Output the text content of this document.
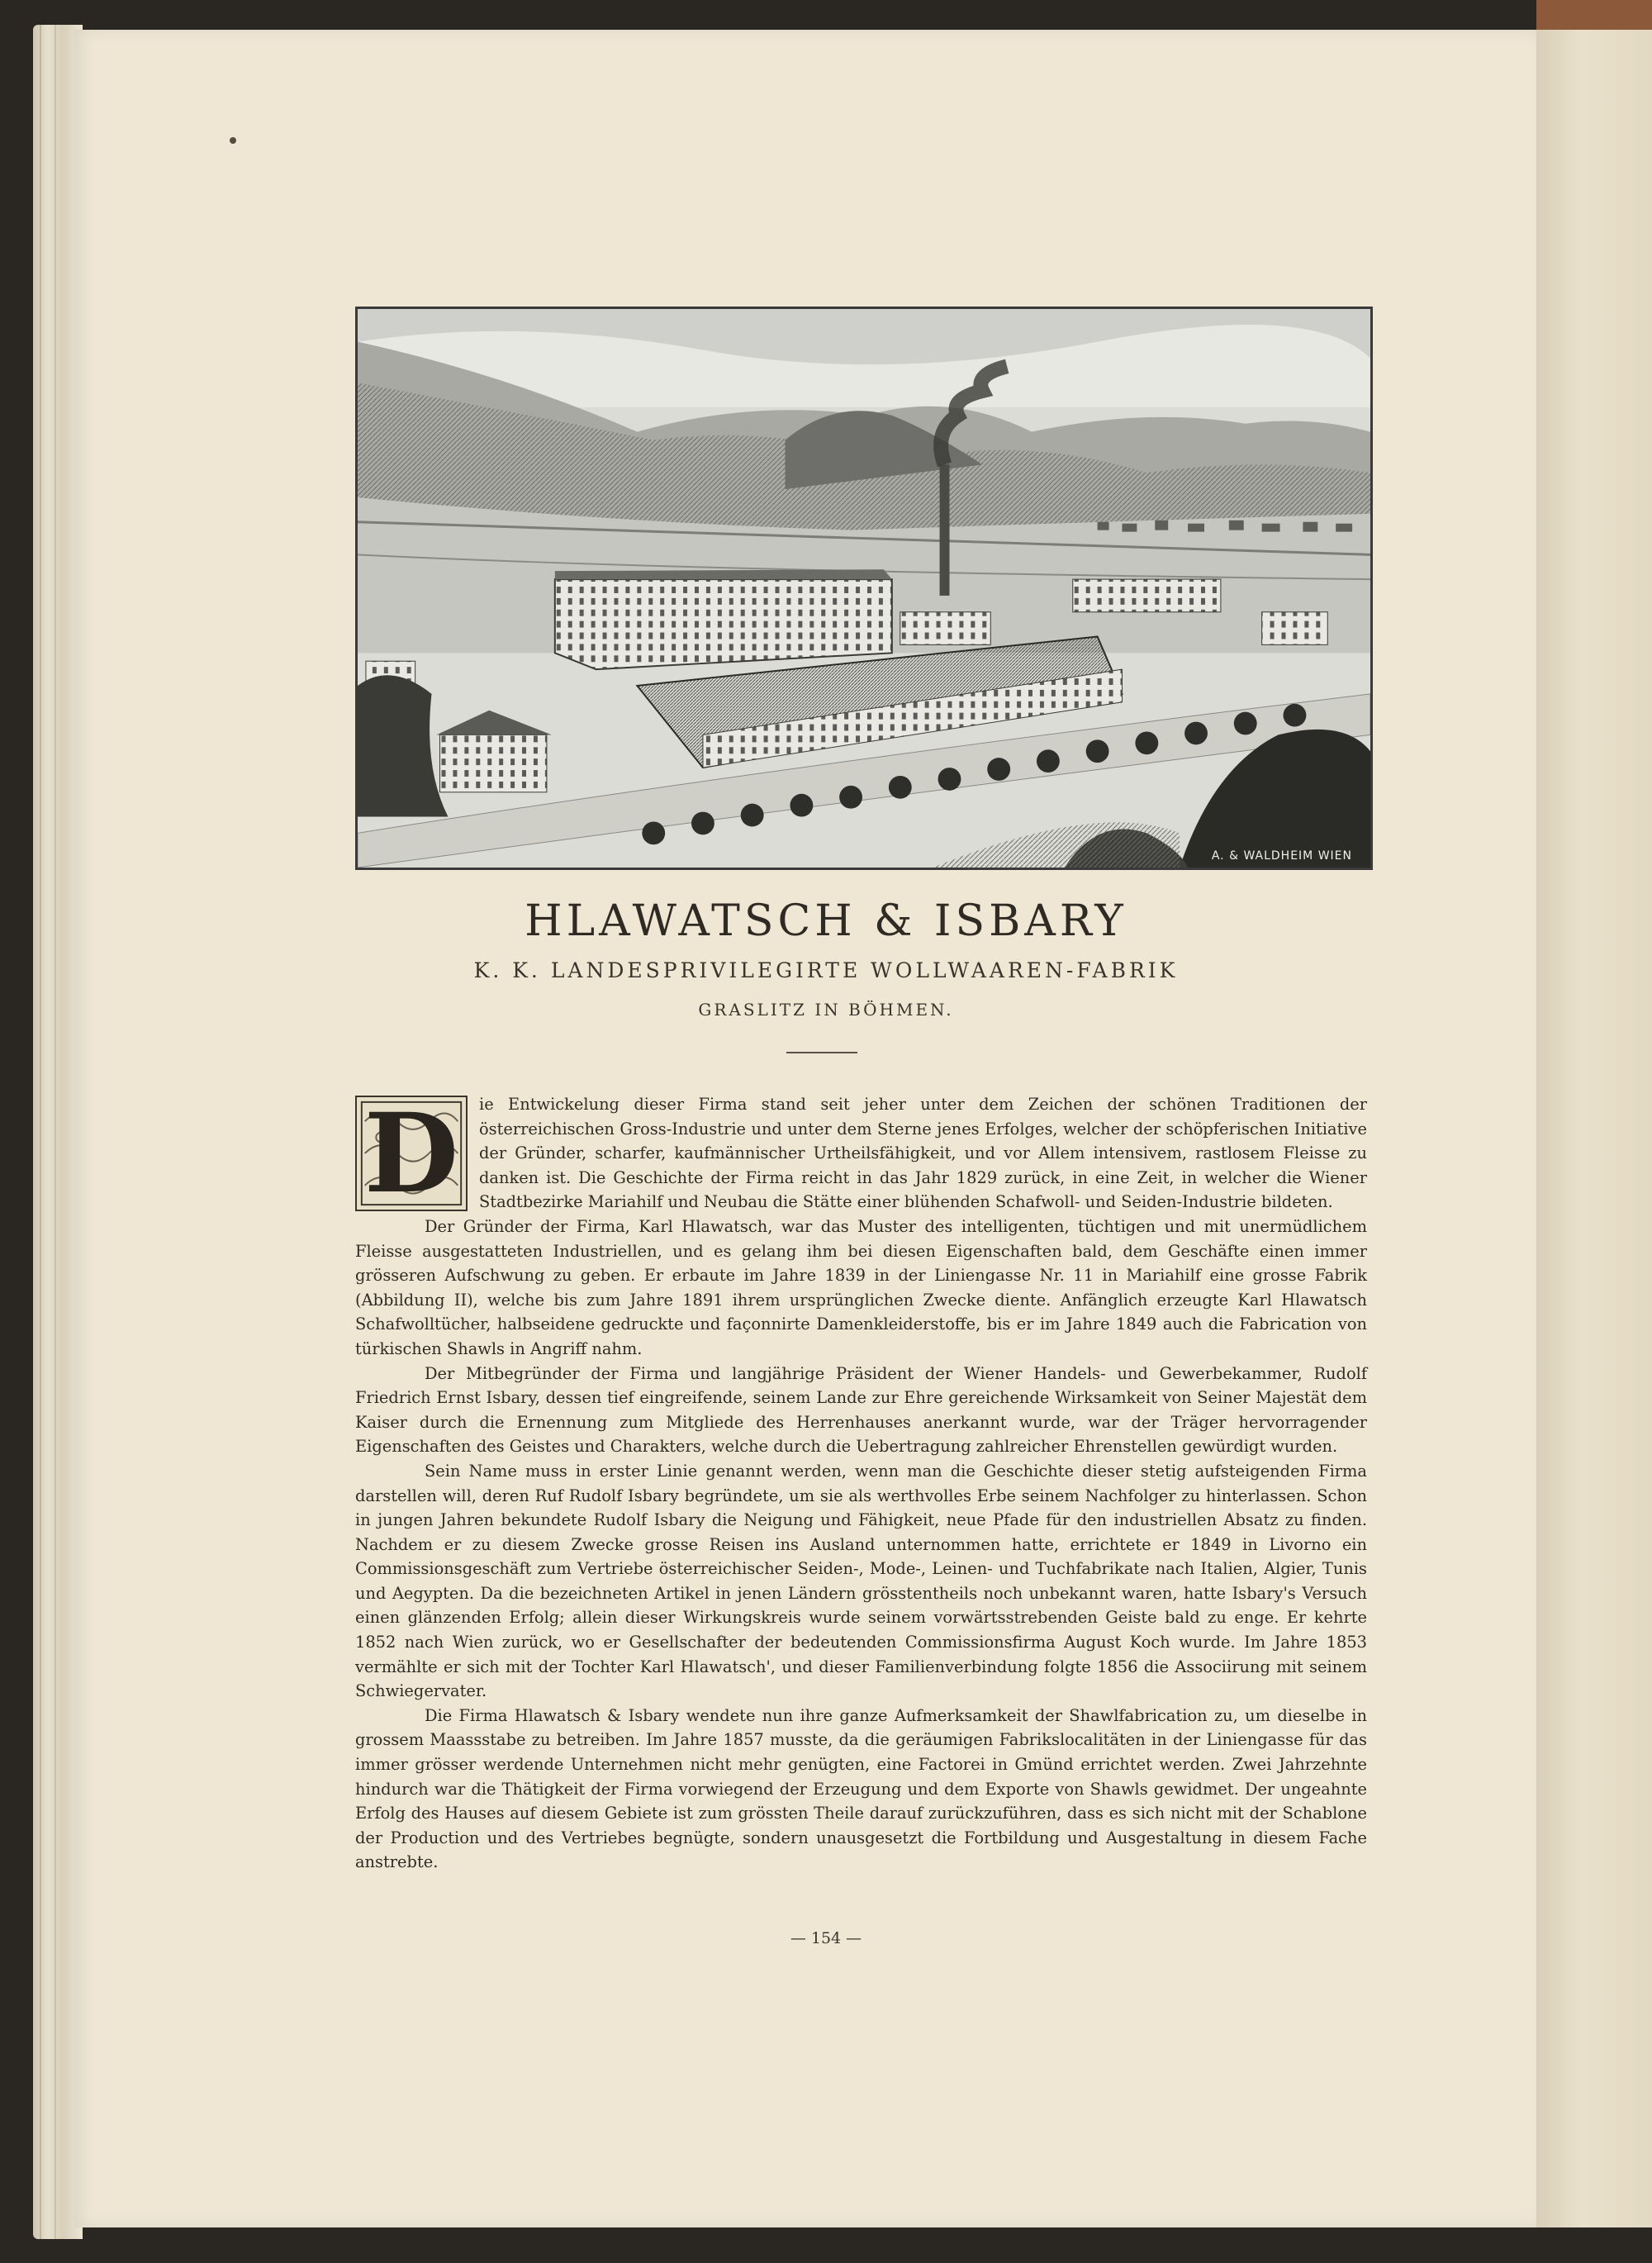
A. & WALDHEIM WIEN
HLAWATSCH & ISBARY
K. K. LANDESPRIVILEGIRTE WOLLWAAREN-FABRIK
GRASLITZ IN BÖHMEN.
D	ie Entwickelung dieser Firma stand seit jeher unter dem Zeichen der schönen Traditionen der österreichischen Gross-Industrie und unter dem Sterne jenes Erfolges, welcher der schöpferischen Initiative der Gründer, scharfer, kaufmännischer Urtheilsfähigkeit, und vor Allem intensivem, rastlosem Fleisse zu danken ist. Die Geschichte der Firma reicht in das Jahr 1829 zurück, in eine Zeit, in welcher die Wiener Stadtbezirke Mariahilf und Neubau die Stätte einer blühenden Schafwoll- und Seiden-Industrie bildeten.

Der Gründer der Firma, Karl Hlawatsch, war das Muster des intelligenten, tüchtigen und mit unermüdlichem Fleisse ausgestatteten Industriellen, und es gelang ihm bei diesen Eigenschaften bald, dem Geschäfte einen immer grösseren Aufschwung zu geben. Er erbaute im Jahre 1839 in der Liniengasse Nr. 11 in Mariahilf eine grosse Fabrik (Abbildung II), welche bis zum Jahre 1891 ihrem ursprünglichen Zwecke diente. Anfänglich erzeugte Karl Hlawatsch Schafwolltücher, halbseidene gedruckte und façonnirte Damenkleiderstoffe, bis er im Jahre 1849 auch die Fabrication von türkischen Shawls in Angriff nahm.

Der Mitbegründer der Firma und langjährige Präsident der Wiener Handels- und Gewerbekammer, Rudolf Friedrich Ernst Isbary, dessen tief eingreifende, seinem Lande zur Ehre gereichende Wirksamkeit von Seiner Majestät dem Kaiser durch die Ernennung zum Mitgliede des Herrenhauses anerkannt wurde, war der Träger hervorragender Eigenschaften des Geistes und Charakters, welche durch die Uebertragung zahlreicher Ehrenstellen gewürdigt wurden.

Sein Name muss in erster Linie genannt werden, wenn man die Geschichte dieser stetig aufsteigenden Firma darstellen will, deren Ruf Rudolf Isbary begründete, um sie als werthvolles Erbe seinem Nachfolger zu hinterlassen. Schon in jungen Jahren bekundete Rudolf Isbary die Neigung und Fähigkeit, neue Pfade für den industriellen Absatz zu finden. Nachdem er zu diesem Zwecke grosse Reisen ins Ausland unternommen hatte, errichtete er 1849 in Livorno ein Commissionsgeschäft zum Vertriebe österreichischer Seiden-, Mode-, Leinen- und Tuchfabrikate nach Italien, Algier, Tunis und Aegypten. Da die bezeichneten Artikel in jenen Ländern grösstentheils noch unbekannt waren, hatte Isbary's Versuch einen glänzenden Erfolg; allein dieser Wirkungskreis wurde seinem vorwärtsstrebenden Geiste bald zu enge. Er kehrte 1852 nach Wien zurück, wo er Gesellschafter der bedeutenden Commissionsfirma August Koch wurde. Im Jahre 1853 vermählte er sich mit der Tochter Karl Hlawatsch', und dieser Familienverbindung folgte 1856 die Associirung mit seinem Schwiegervater.

Die Firma Hlawatsch & Isbary wendete nun ihre ganze Aufmerksamkeit der Shawlfabrication zu, um dieselbe in grossem Maassstabe zu betreiben. Im Jahre 1857 musste, da die geräumigen Fabrikslocalitäten in der Liniengasse für das immer grösser werdende Unternehmen nicht mehr genügten, eine Factorei in Gmünd errichtet werden. Zwei Jahrzehnte hindurch war die Thätigkeit der Firma vorwiegend der Erzeugung und dem Exporte von Shawls gewidmet. Der ungeahnte Erfolg des Hauses auf diesem Gebiete ist zum grössten Theile darauf zurückzuführen, dass es sich nicht mit der Schablone der Production und des Vertriebes begnügte, sondern unausgesetzt die Fortbildung und Ausgestaltung in diesem Fache anstrebte.

— 154 —
